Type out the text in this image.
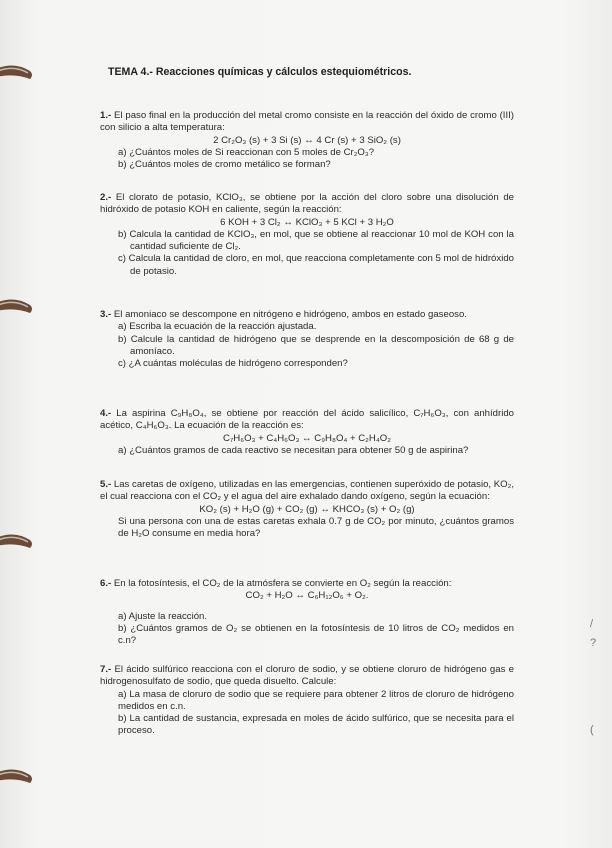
TEMA 4.- Reacciones químicas y cálculos estequiométricos.
1.- El paso final en la producción del metal cromo consiste en la reacción del óxido de cromo (III) con silicio a alta temperatura:
2 Cr₂O₃ (s) + 3 Si (s) ↔ 4 Cr (s) + 3 SiO₂ (s)
a) ¿Cuántos moles de Si reaccionan con 5 moles de Cr₂O₃?
b) ¿Cuántos moles de cromo metálico se forman?
2.- El clorato de potasio, KClO₃, se obtiene por la acción del cloro sobre una disolución de hidróxido de potasio KOH en caliente, según la reacción:
6 KOH + 3 Cl₂ ↔ KClO₃ + 5 KCl + 3 H₂O
b) Calcula la cantidad de KClO₃, en mol, que se obtiene al reaccionar 10 mol de KOH con la cantidad suficiente de Cl₂.
c) Calcula la cantidad de cloro, en mol, que reacciona completamente con 5 mol de hidróxido de potasio.
3.- El amoniaco se descompone en nitrógeno e hidrógeno, ambos en estado gaseoso.
a) Escriba la ecuación de la reacción ajustada.
b) Calcule la cantidad de hidrógeno que se desprende en la descomposición de 68 g de amoníaco.
c) ¿A cuántas moléculas de hidrógeno corresponden?
4.- La aspirina C₉H₈O₄, se obtiene por reacción del ácido salicílico, C₇H₆O₃, con anhídrido acético, C₄H₆O₃. La ecuación de la reacción es:
C₇H₆O₃ + C₄H₆O₃ ↔ C₉H₈O₄ + C₂H₄O₂
a) ¿Cuántos gramos de cada reactivo se necesitan para obtener 50 g de aspirina?
5.- Las caretas de oxígeno, utilizadas en las emergencias, contienen superóxido de potasio, KO₂, el cual reacciona con el CO₂ y el agua del aire exhalado dando oxígeno, según la ecuación:
KO₂ (s) + H₂O (g) + CO₂ (g) ↔ KHCO₃ (s) + O₂ (g)
Si una persona con una de estas caretas exhala 0.7 g de CO₂ por minuto, ¿cuántos gramos de H₂O consume en media hora?
6.- En la fotosíntesis, el CO₂ de la atmósfera se convierte en O₂ según la reacción:
CO₂ + H₂O ↔ C₆H₁₂O₆ + O₂.
a) Ajuste la reacción.
b) ¿Cuántos gramos de O₂ se obtienen en la fotosíntesis de 10 litros de CO₂ medidos en c.n?
7.- El ácido sulfúrico reacciona con el cloruro de sodio, y se obtiene cloruro de hidrógeno gas e hidrogenosulfato de sodio, que queda disuelto. Calcule:
a) La masa de cloruro de sodio que se requiere para obtener 2 litros de cloruro de hidrógeno medidos en c.n.
b) La cantidad de sustancia, expresada en moles de ácido sulfúrico, que se necesita para el proceso.
/
?
(
